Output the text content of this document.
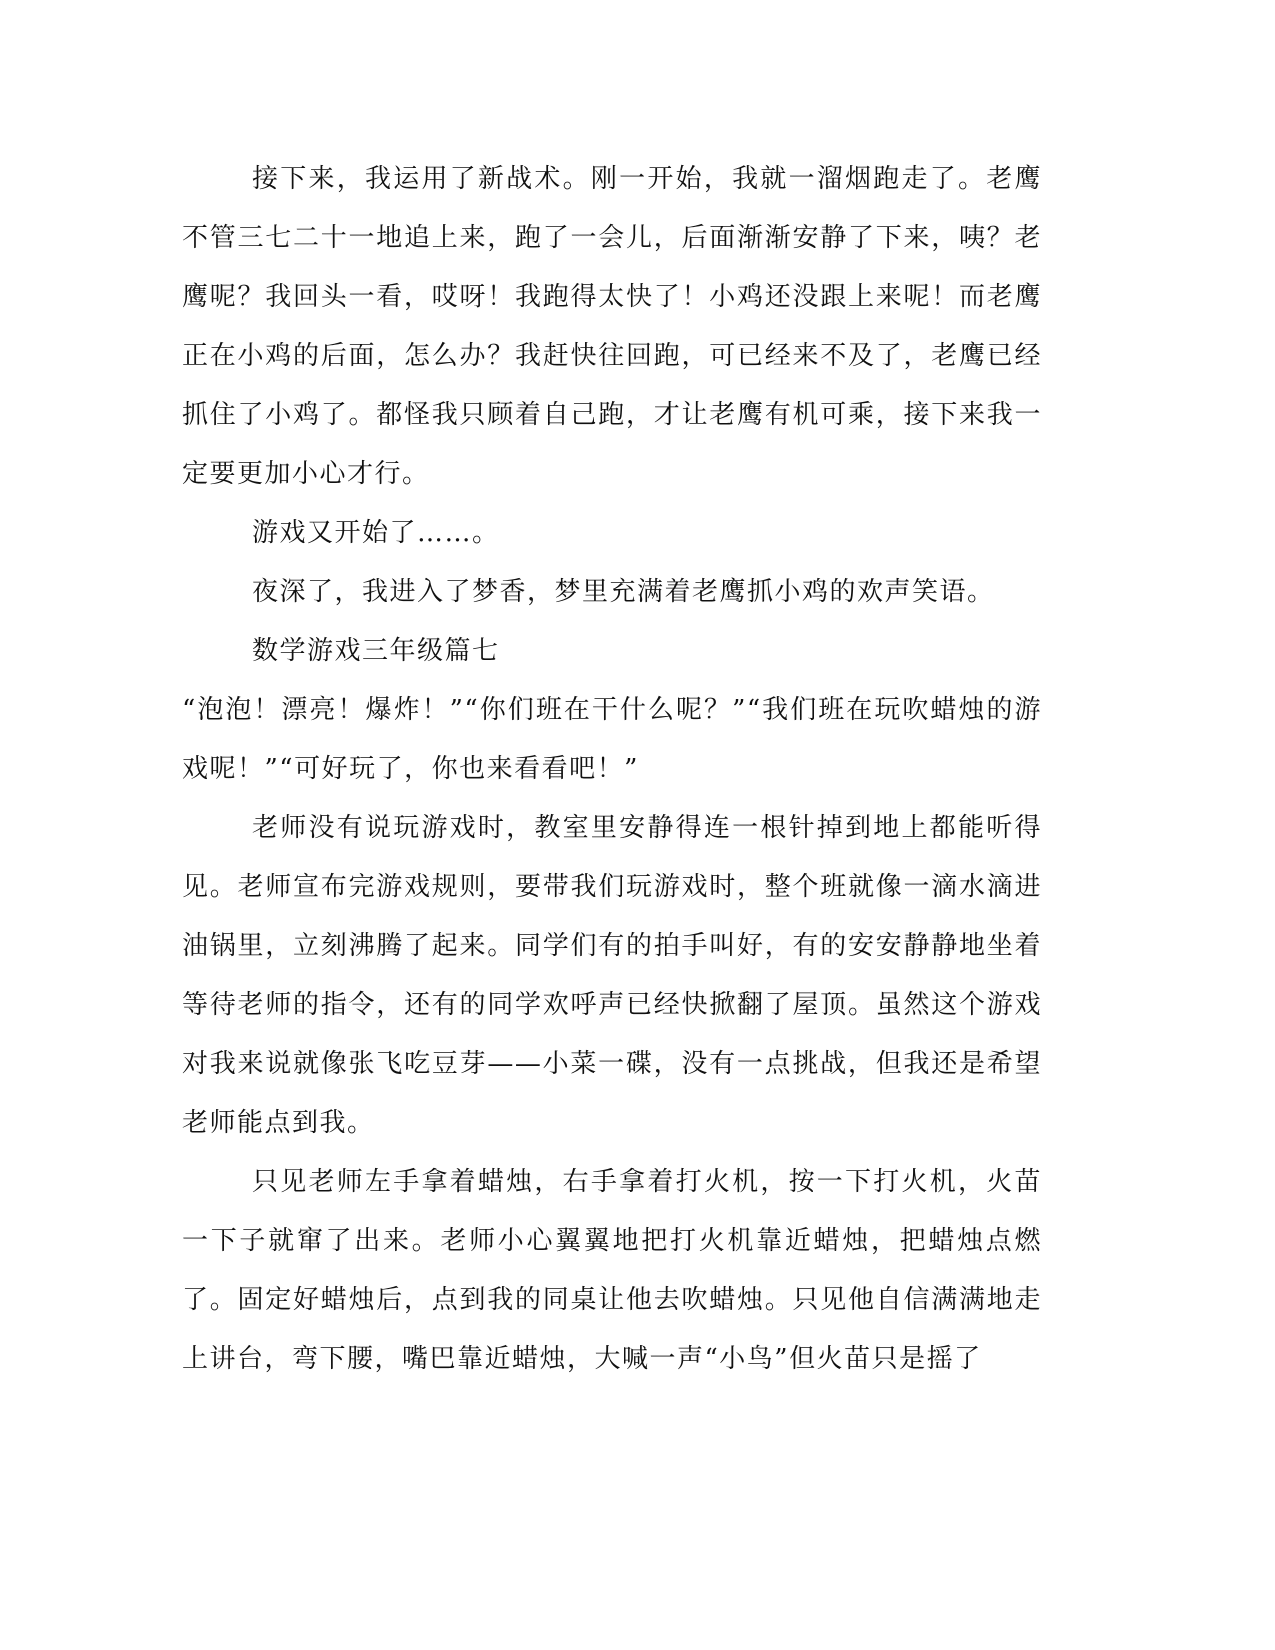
接下来，我运用了新战术。刚一开始，我就一溜烟跑走了。老鹰不管三七二十一地追上来，跑了一会儿，后面渐渐安静了下来，咦？老鹰呢？我回头一看，哎呀！我跑得太快了！小鸡还没跟上来呢！而老鹰正在小鸡的后面，怎么办？我赶快往回跑，可已经来不及了，老鹰已经抓住了小鸡了。都怪我只顾着自己跑，才让老鹰有机可乘，接下来我一定要更加小心才行。

游戏又开始了……。

夜深了，我进入了梦香，梦里充满着老鹰抓小鸡的欢声笑语。

数学游戏三年级篇七

“泡泡！漂亮！爆炸！”“你们班在干什么呢？”“我们班在玩吹蜡烛的游戏呢！”“可好玩了，你也来看看吧！”

老师没有说玩游戏时，教室里安静得连一根针掉到地上都能听得见。老师宣布完游戏规则，要带我们玩游戏时，整个班就像一滴水滴进油锅里，立刻沸腾了起来。同学们有的拍手叫好，有的安安静静地坐着等待老师的指令，还有的同学欢呼声已经快掀翻了屋顶。虽然这个游戏对我来说就像张飞吃豆芽——小菜一碟，没有一点挑战，但我还是希望老师能点到我。

只见老师左手拿着蜡烛，右手拿着打火机，按一下打火机，火苗一下子就窜了出来。老师小心翼翼地把打火机靠近蜡烛，把蜡烛点燃了。固定好蜡烛后，点到我的同桌让他去吹蜡烛。只见他自信满满地走上讲台，弯下腰，嘴巴靠近蜡烛，大喊一声“小鸟”但火苗只是摇了
